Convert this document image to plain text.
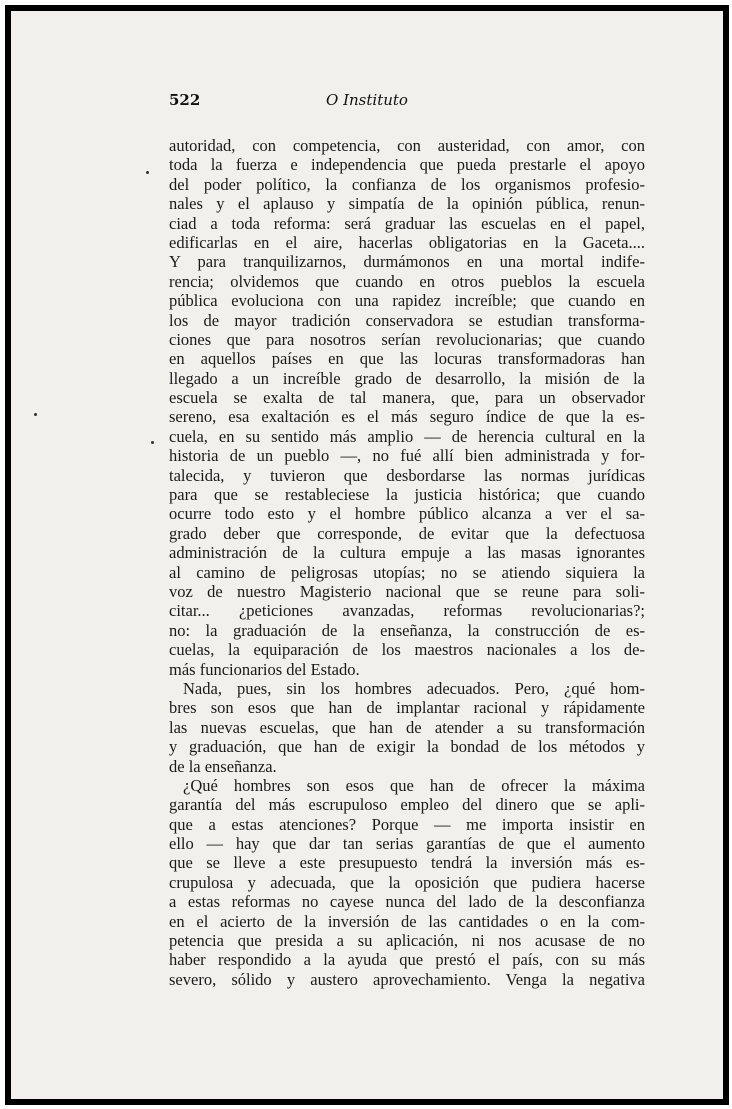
522	O Instituto
autoridad, con competencia, con austeridad, con amor, con
toda la fuerza e independencia que pueda prestarle el apoyo
del poder político, la confianza de los organismos profesio-
nales y el aplauso y simpatía de la opinión pública, renun-
ciad a toda reforma: será graduar las escuelas en el papel,
edificarlas en el aire, hacerlas obligatorias en la Gaceta....
Y para tranquilizarnos, durmámonos en una mortal indife-
rencia; olvidemos que cuando en otros pueblos la escuela
pública evoluciona con una rapidez increíble; que cuando en
los de mayor tradición conservadora se estudian transforma-
ciones que para nosotros serían revolucionarias; que cuando
en aquellos países en que las locuras transformadoras han
llegado a un increíble grado de desarrollo, la misión de la
escuela se exalta de tal manera, que, para un observador
sereno, esa exaltación es el más seguro índice de que la es-
cuela, en su sentido más amplio — de herencia cultural en la
historia de un pueblo —, no fué allí bien administrada y for-
talecida, y tuvieron que desbordarse las normas jurídicas
para que se restableciese la justicia histórica; que cuando
ocurre todo esto y el hombre público alcanza a ver el sa-
grado deber que corresponde, de evitar que la defectuosa
administración de la cultura empuje a las masas ignorantes
al camino de peligrosas utopías; no se atiendo siquiera la
voz de nuestro Magisterio nacional que se reune para soli-
citar... ¿peticiones avanzadas, reformas revolucionarias?;
no: la graduación de la enseñanza, la construcción de es-
cuelas, la equiparación de los maestros nacionales a los de-
más funcionarios del Estado.
Nada, pues, sin los hombres adecuados. Pero, ¿qué hom-
bres son esos que han de implantar racional y rápidamente
las nuevas escuelas, que han de atender a su transformación
y graduación, que han de exigir la bondad de los métodos y
de la enseñanza.
¿Qué hombres son esos que han de ofrecer la máxima
garantía del más escrupuloso empleo del dinero que se apli-
que a estas atenciones? Porque — me importa insistir en
ello — hay que dar tan serias garantías de que el aumento
que se lleve a este presupuesto tendrá la inversión más es-
crupulosa y adecuada, que la oposición que pudiera hacerse
a estas reformas no cayese nunca del lado de la desconfianza
en el acierto de la inversión de las cantidades o en la com-
petencia que presida a su aplicación, ni nos acusase de no
haber respondido a la ayuda que prestó el país, con su más
severo, sólido y austero aprovechamiento. Venga la negativa
